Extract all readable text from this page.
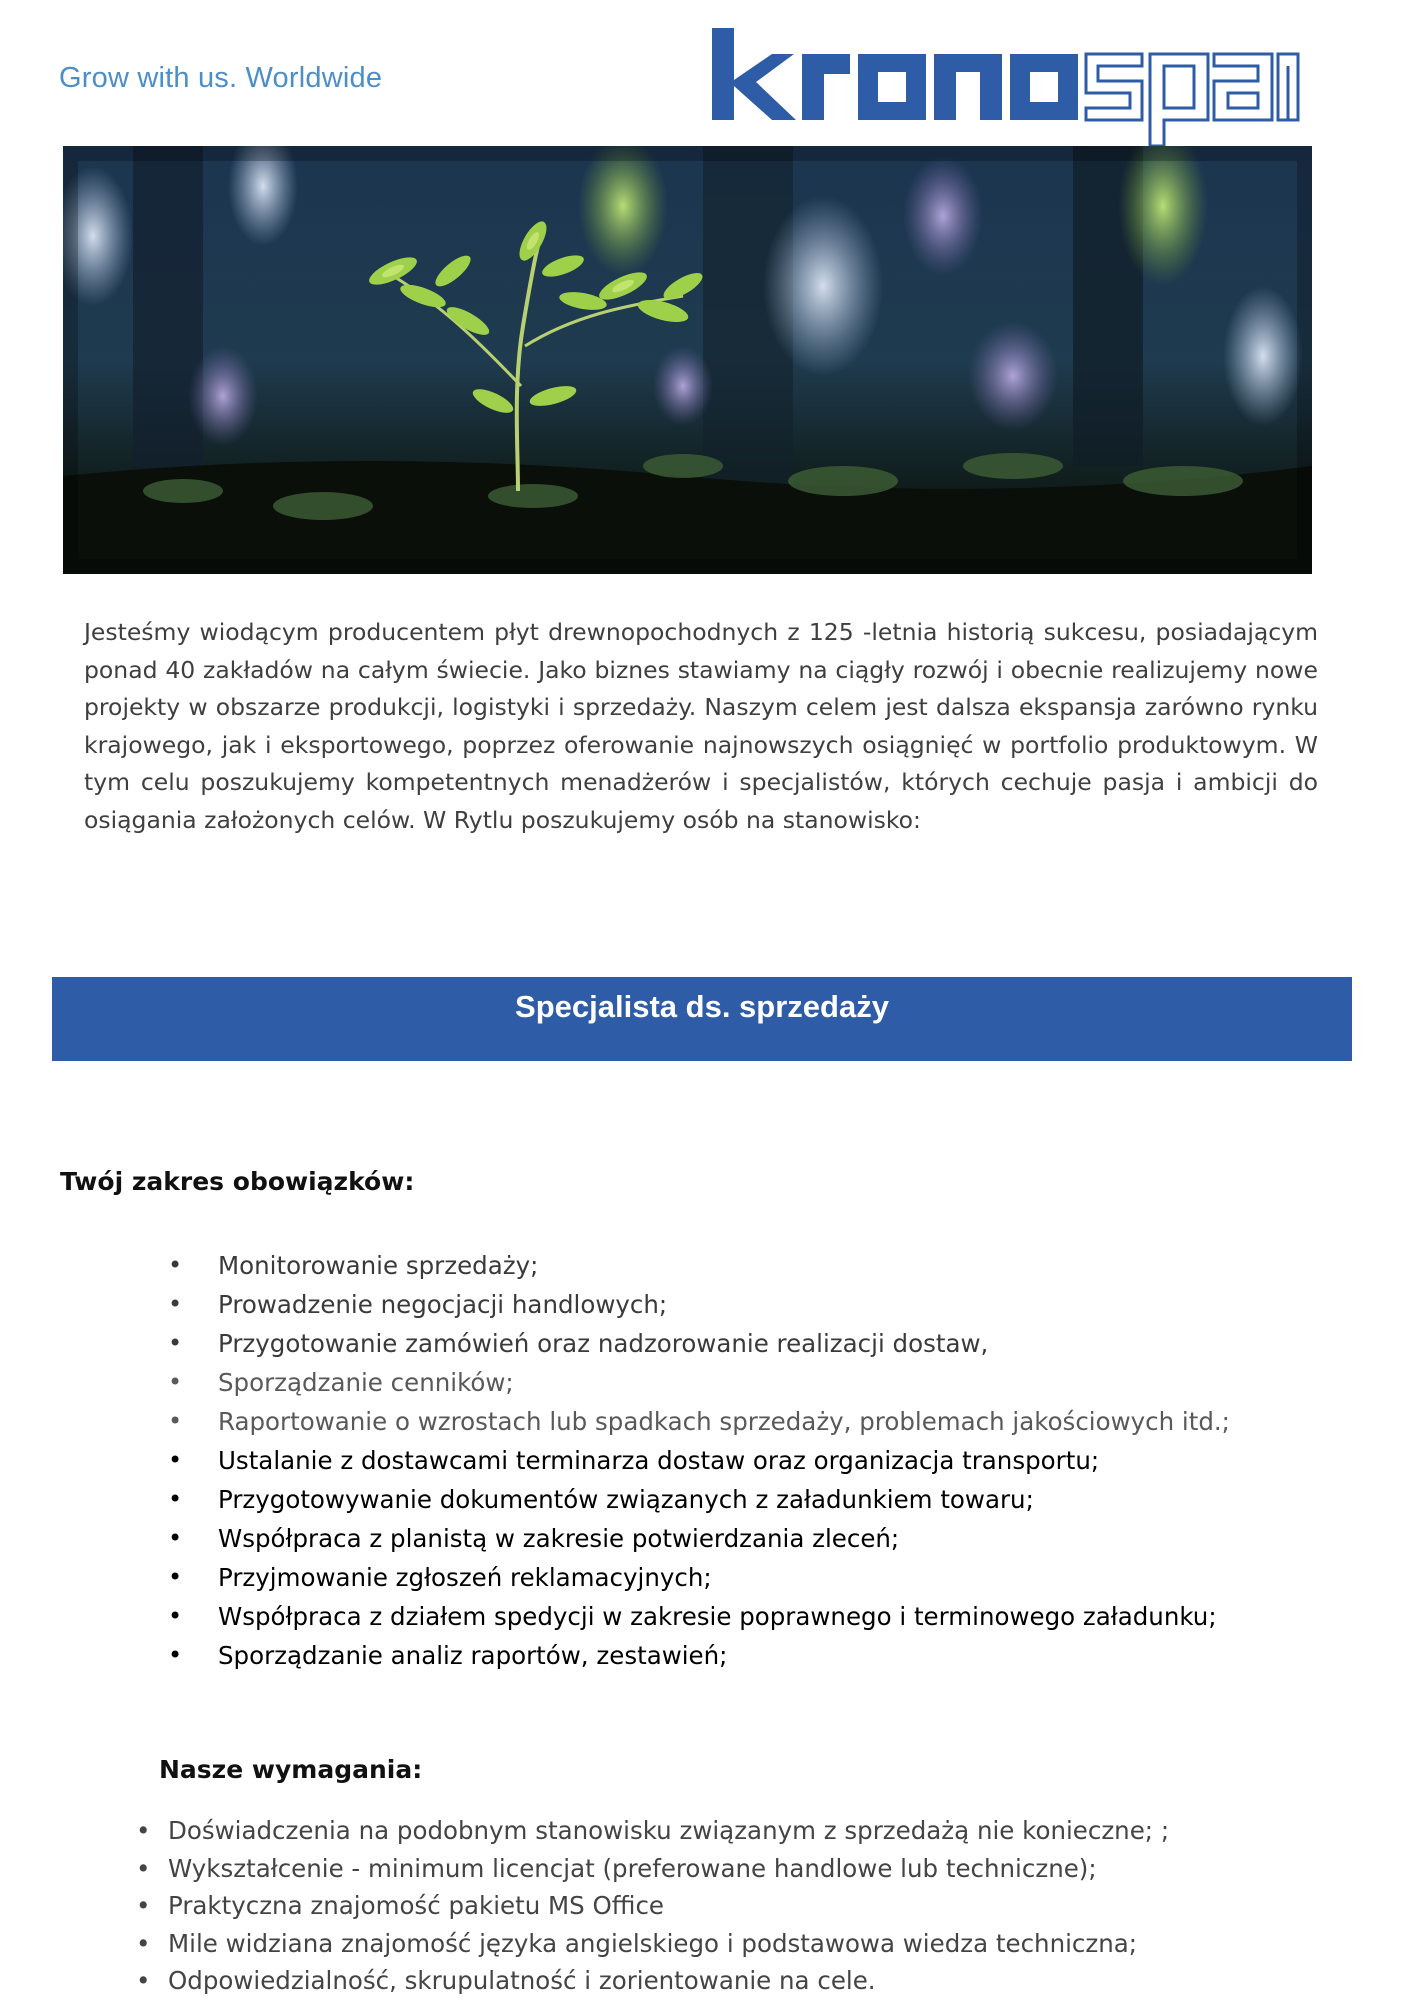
Grow with us. Worldwide
Jesteśmy wiodącym producentem płyt drewnopochodnych z 125 -letnia historią sukcesu, posiadającym ponad 40 zakładów na całym świecie. Jako biznes stawiamy na ciągły rozwój i obecnie realizujemy nowe projekty w obszarze produkcji, logistyki i sprzedaży. Naszym celem jest dalsza ekspansja zarówno rynku krajowego, jak i eksportowego, poprzez oferowanie najnowszych osiągnięć w portfolio produktowym. W tym celu poszukujemy kompetentnych menadżerów i specjalistów, których cechuje pasja i ambicji do osiągania założonych celów. W Rytlu poszukujemy osób na stanowisko:
Specjalista ds. sprzedaży
Twój zakres obowiązków:
• Monitorowanie sprzedaży;
• Prowadzenie negocjacji handlowych;
• Przygotowanie zamówień oraz nadzorowanie realizacji dostaw,
• Sporządzanie cenników;
• Raportowanie o wzrostach lub spadkach sprzedaży, problemach jakościowych itd.;
• Ustalanie z dostawcami terminarza dostaw oraz organizacja transportu;
• Przygotowywanie dokumentów związanych z załadunkiem towaru;
• Współpraca z planistą w zakresie potwierdzania zleceń;
• Przyjmowanie zgłoszeń reklamacyjnych;
• Współpraca z działem spedycji w zakresie poprawnego i terminowego załadunku;
• Sporządzanie analiz raportów, zestawień;
Nasze wymagania:
• Doświadczenia na podobnym stanowisku związanym z sprzedażą nie konieczne; ;
• Wykształcenie - minimum licencjat (preferowane handlowe lub techniczne);
• Praktyczna znajomość pakietu MS Office
• Mile widziana znajomość języka angielskiego i podstawowa wiedza techniczna;
• Odpowiedzialność, skrupulatność i zorientowanie na cele.
